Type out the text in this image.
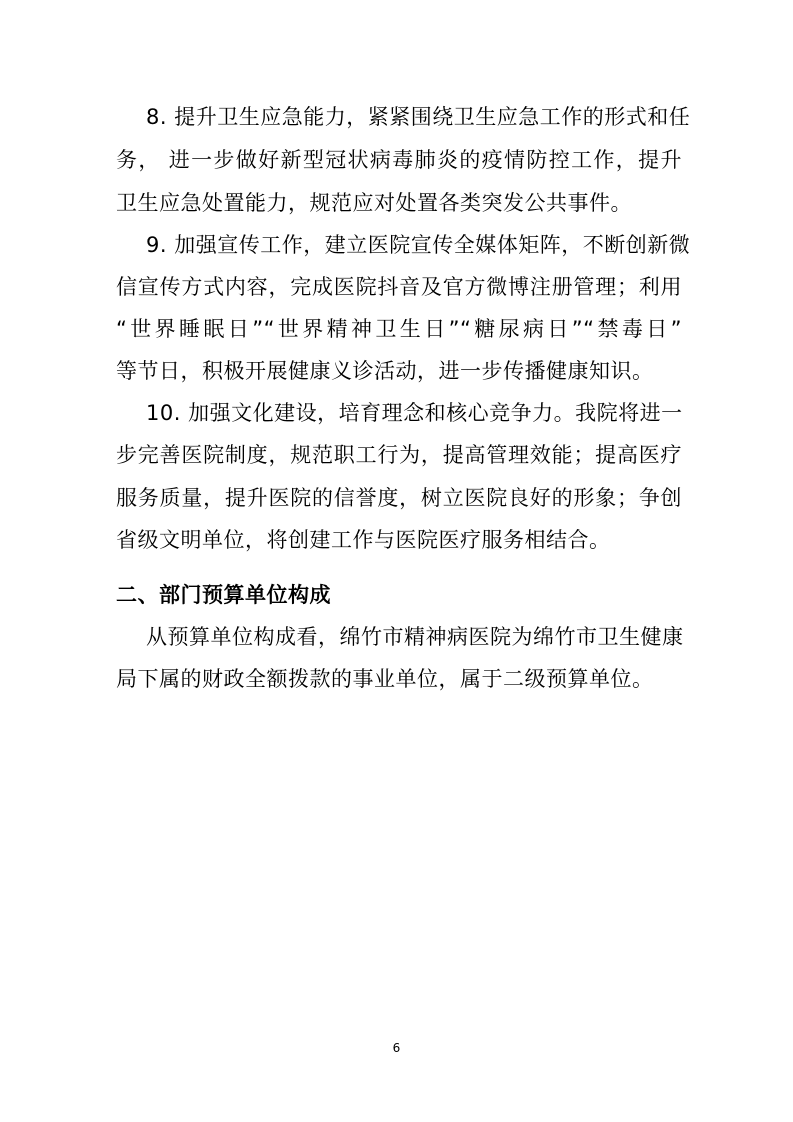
8. 提升卫生应急能力，紧紧围绕卫生应急工作的形式和任
务， 进一步做好新型冠状病毒肺炎的疫情防控工作，提升
卫生应急处置能力，规范应对处置各类突发公共事件。
9. 加强宣传工作，建立医院宣传全媒体矩阵，不断创新微
信宣传方式内容，完成医院抖音及官方微博注册管理；利用
“世界睡眠日”“世界精神卫生日”“糖尿病日”“禁毒日”
等节日，积极开展健康义诊活动，进一步传播健康知识。
10. 加强文化建设，培育理念和核心竞争力。我院将进一
步完善医院制度，规范职工行为，提高管理效能；提高医疗
服务质量，提升医院的信誉度，树立医院良好的形象；争创
省级文明单位，将创建工作与医院医疗服务相结合。
二、部门预算单位构成
从预算单位构成看，绵竹市精神病医院为绵竹市卫生健康
局下属的财政全额拨款的事业单位，属于二级预算单位。
6
